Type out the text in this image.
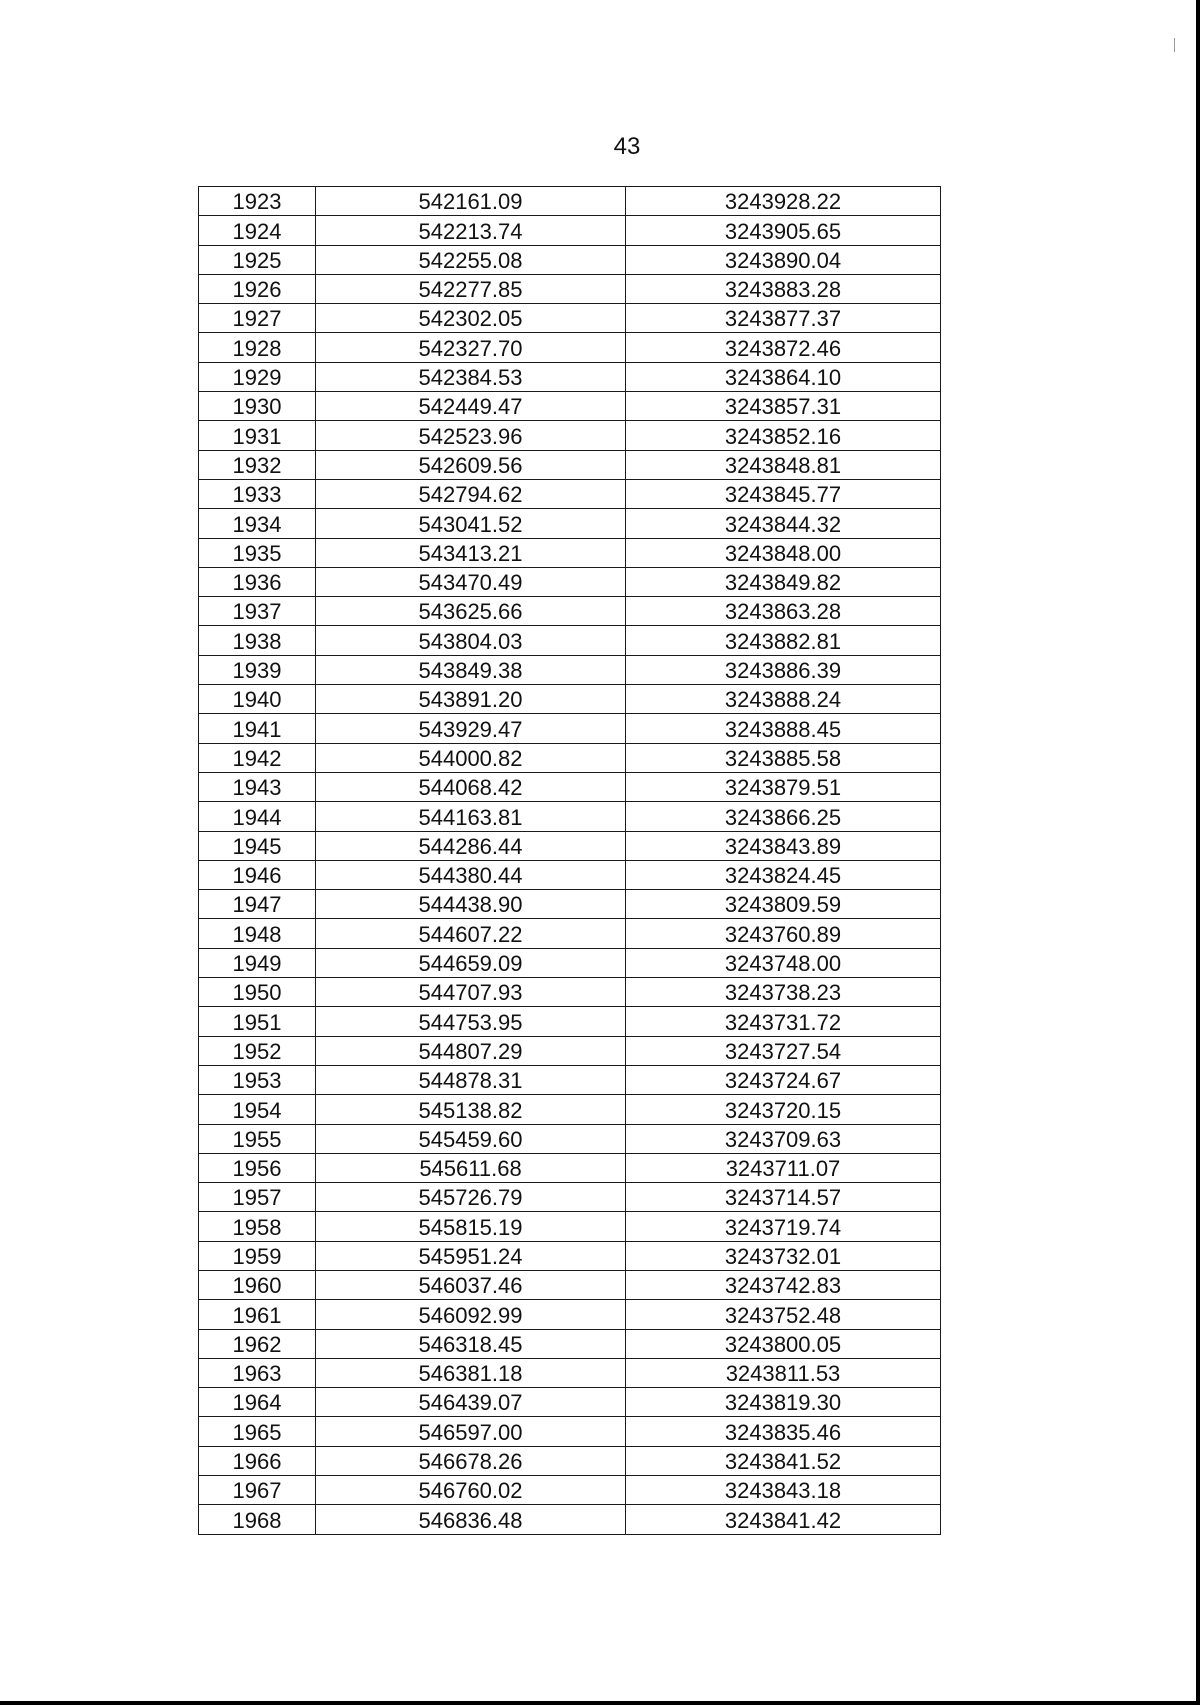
43
1923	542161.09	3243928.22
1924	542213.74	3243905.65
1925	542255.08	3243890.04
1926	542277.85	3243883.28
1927	542302.05	3243877.37
1928	542327.70	3243872.46
1929	542384.53	3243864.10
1930	542449.47	3243857.31
1931	542523.96	3243852.16
1932	542609.56	3243848.81
1933	542794.62	3243845.77
1934	543041.52	3243844.32
1935	543413.21	3243848.00
1936	543470.49	3243849.82
1937	543625.66	3243863.28
1938	543804.03	3243882.81
1939	543849.38	3243886.39
1940	543891.20	3243888.24
1941	543929.47	3243888.45
1942	544000.82	3243885.58
1943	544068.42	3243879.51
1944	544163.81	3243866.25
1945	544286.44	3243843.89
1946	544380.44	3243824.45
1947	544438.90	3243809.59
1948	544607.22	3243760.89
1949	544659.09	3243748.00
1950	544707.93	3243738.23
1951	544753.95	3243731.72
1952	544807.29	3243727.54
1953	544878.31	3243724.67
1954	545138.82	3243720.15
1955	545459.60	3243709.63
1956	545611.68	3243711.07
1957	545726.79	3243714.57
1958	545815.19	3243719.74
1959	545951.24	3243732.01
1960	546037.46	3243742.83
1961	546092.99	3243752.48
1962	546318.45	3243800.05
1963	546381.18	3243811.53
1964	546439.07	3243819.30
1965	546597.00	3243835.46
1966	546678.26	3243841.52
1967	546760.02	3243843.18
1968	546836.48	3243841.42
